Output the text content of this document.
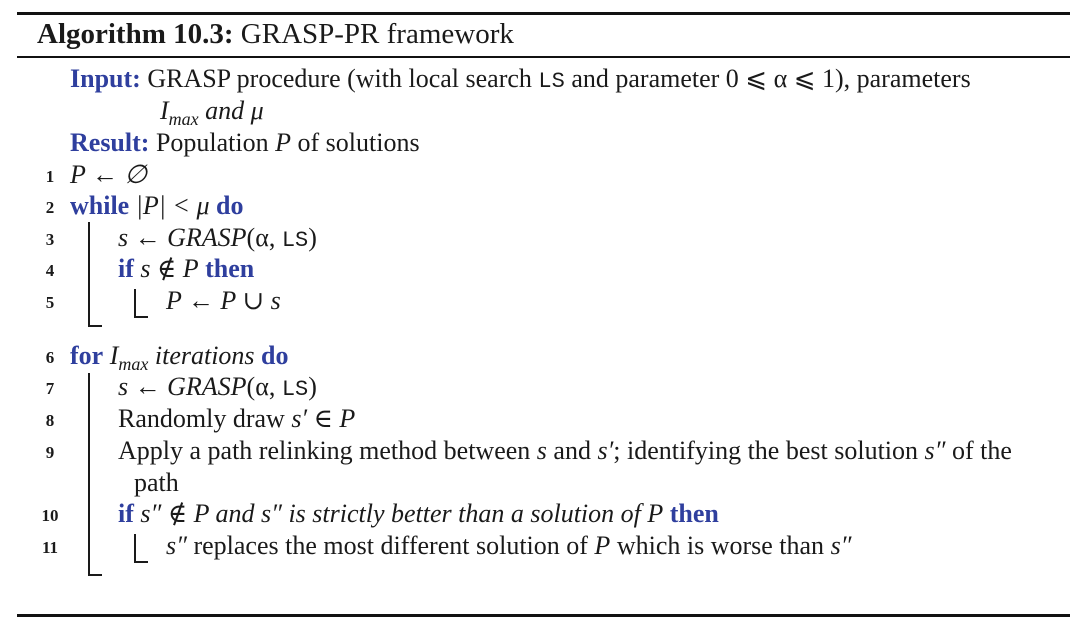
Algorithm 10.3: GRASP-PR framework
Input: GRASP procedure (with local search LS and parameter 0 ⩽ α ⩽ 1), parameters
$I_{max}$ and μ
Result: Population P of solutions
1 P ← ∅
2 while |P| < μ do
3	s ← GRASP(α, LS)
4	if s ∉ P then
5	P ← P ∪ s
6 for $I_{max}$ iterations do
7	s ← GRASP(α, LS)
8	Randomly draw s′ ∈ P
9	Apply a path relinking method between s and s′; identifying the best solution s″ of the
path
10 if s″ ∉ P and s″ is strictly better than a solution of P then
11	s″ replaces the most different solution of P which is worse than s″
